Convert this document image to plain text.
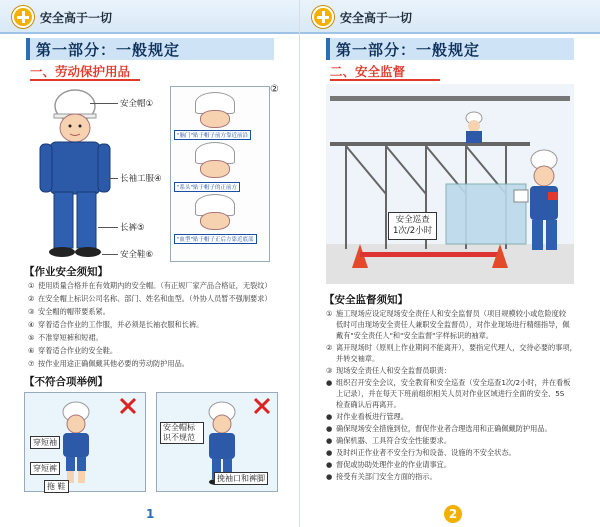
安全高于一切
第一部分：一般规定
一、劳动保护用品
安全帽①
长袖工服④
长裤⑤
安全鞋⑥
②
"脑门"贴于帽子前方靠近前沿
"系头"贴于帽子的正前方
"血型"贴于帽子正后方靠近底部
【作业安全须知】
① 使用质量合格并在有效期内的安全帽。（有正规厂家产品合格证，无裂纹）
② 在安全帽上标识公司名称、部门、姓名和血型。（外协人员暂不强制要求）
③ 安全帽的帽带要系紧。
④ 穿着适合作业的工作服，并必须是长袖衣服和长裤。
⑤ 不准穿短裤和短裙。
⑥ 穿着适合作业的安全鞋。
⑦ 按作业用途正确佩戴其他必要的劳动防护用品。
【不符合项举例】
穿短袖
穿短裤
拖 鞋
安全帽标识不规范
挽袖口和裤脚
1
安全高于一切
第一部分：一般规定
二、安全监督
安全巡查
1次/2小时
【安全监督须知】
① 施工现场应设定现场安全责任人和安全监督员（项目规模较小或危险度较
低时可由现场安全责任人兼职安全监督员），对作业现场进行精细指导，佩
戴有"安全责任人"和"安全监督"字样标识的袖章。
② 离开现场时（原则上作业期间不能离开），要指定代理人，交待必要的事项，
并转交袖章。
③ 现场安全责任人和安全监督员职责：
● 组织召开安全会议，安全教育和安全巡查（安全巡查1次/2小时，并在看板
上记录），并在每天下班前组织相关人员对作业区域进行全面的安全、5S
检查确认后再离开。
● 对作业看板进行管理。
● 确保现场安全措施到位，督促作业者合理选用和正确佩戴防护用品。
● 确保机器、工具符合安全性能要求。
● 及时纠正作业者不安全行为和设备、设施的不安全状态。
● 督促或协助处理作业的作业请事宜。
● 接受有关部门安全方面的指示。
2
